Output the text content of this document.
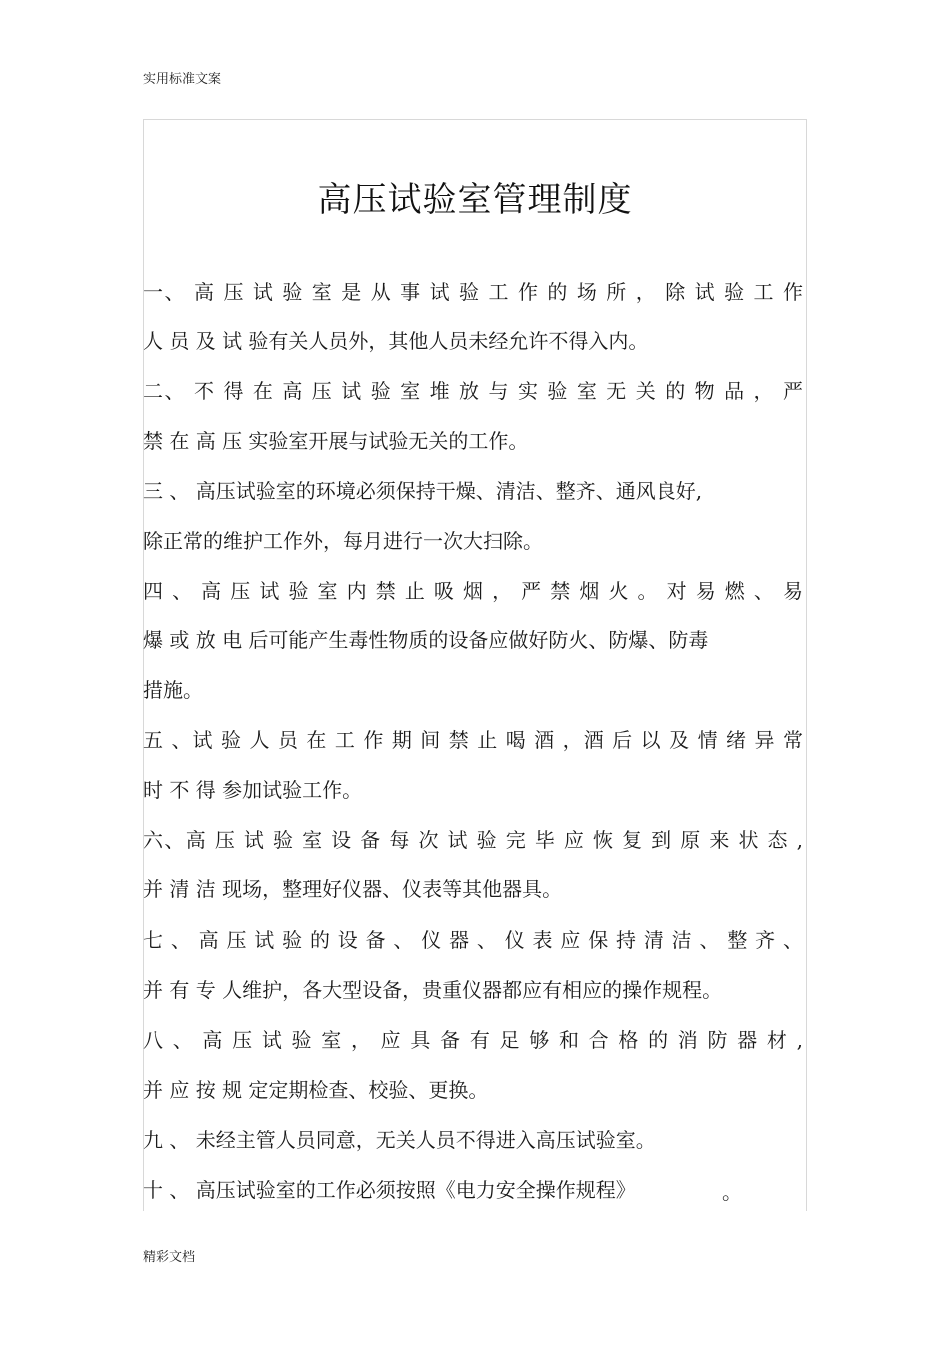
实用标准文案
高压试验室管理制度
一、 高 压 试 验 室 是 从 事 试 验 工 作 的 场 所 ， 除 试 验 工 作
人 员 及 试 验有关人员外，其他人员未经允许不得入内。
二、 不 得 在 高 压 试 验 室 堆 放 与 实 验 室 无 关 的 物 品 ， 严
禁 在 高 压 实验室开展与试验无关的工作。
三 、 高压试验室的环境必须保持干燥、清洁、整齐、通风良好,
除正常的维护工作外，每月进行一次大扫除。
四 、 高 压 试 验 室 内 禁 止 吸 烟 ， 严 禁 烟 火 。 对 易 燃 、 易
爆 或 放 电 后可能产生毒性物质的设备应做好防火、防爆、防毒
措施。
五 、试 验 人 员 在 工 作 期 间 禁 止 喝 酒 ，酒 后 以 及 情 绪 异 常
时 不 得 参加试验工作。
六、高 压 试 验 室 设 备 每 次 试 验 完 毕 应 恢 复 到 原 来 状 态 ,
并 清 洁 现场，整理好仪器、仪表等其他器具。
七 、 高 压 试 验 的 设 备 、 仪 器 、 仪 表 应 保 持 清 洁 、 整 齐 、
并 有 专 人维护，各大型设备，贵重仪器都应有相应的操作规程。
八 、 高 压 试 验 室 ， 应 具 备 有 足 够 和 合 格 的 消 防 器 材 ,
并 应 按 规 定定期检查、校验、更换。
九 、 未经主管人员同意，无关人员不得进入高压试验室。
十 、 高压试验室的工作必须按照《电力安全操作规程》	。
精彩文档
